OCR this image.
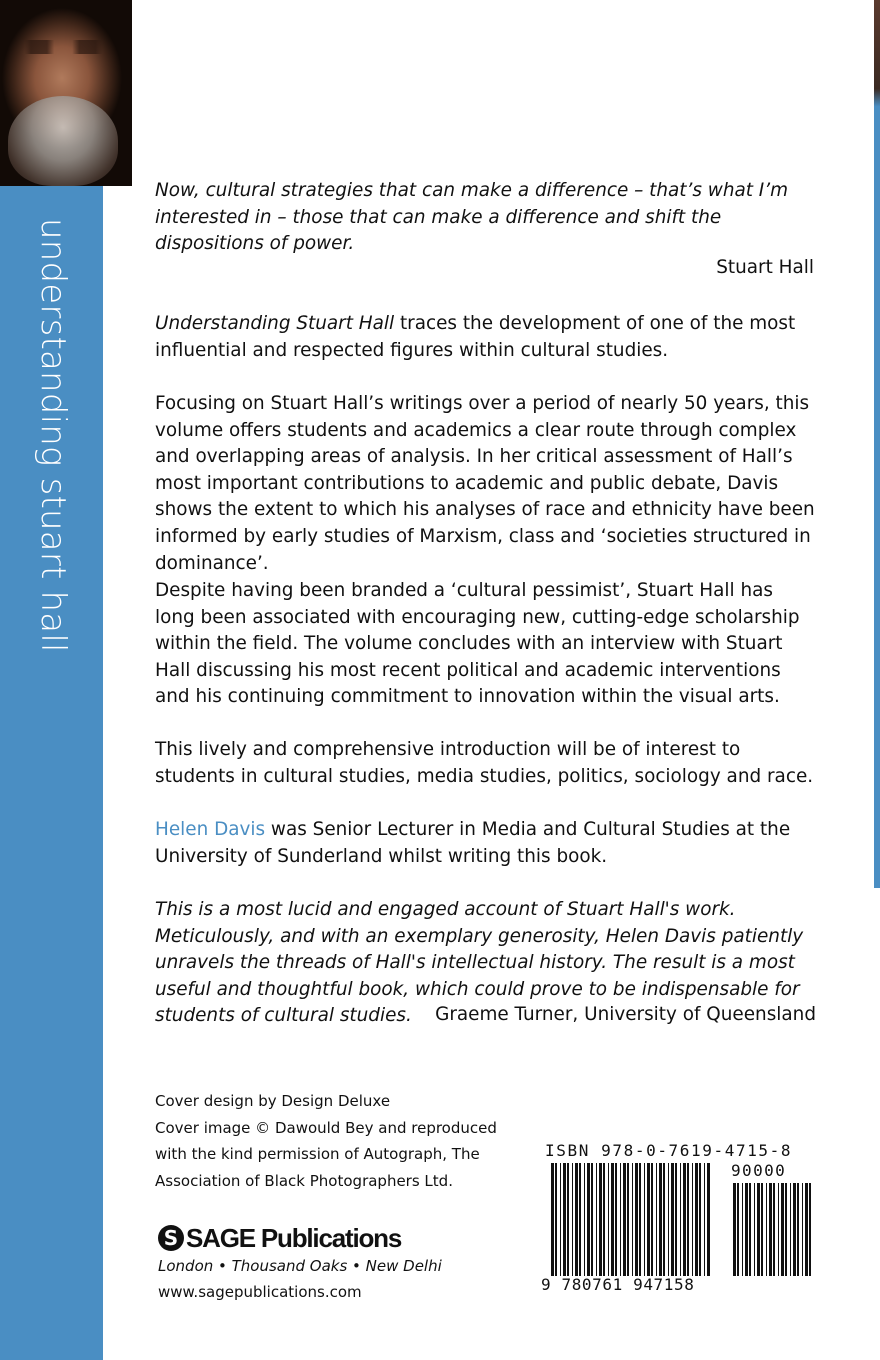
understanding stuart hall
Now, cultural strategies that can make a difference – that’s what I’m interested in – those that can make a difference and shift the dispositions of power.
Stuart Hall
Understanding Stuart Hall traces the development of one of the most influential and respected figures within cultural studies.
Focusing on Stuart Hall’s writings over a period of nearly 50 years, this volume offers students and academics a clear route through complex and overlapping areas of analysis. In her critical assessment of Hall’s most important contributions to academic and public debate, Davis shows the extent to which his analyses of race and ethnicity have been informed by early studies of Marxism, class and ‘societies structured in dominance’.
Despite having been branded a ‘cultural pessimist’, Stuart Hall has long been associated with encouraging new, cutting-edge scholarship within the field. The volume concludes with an interview with Stuart Hall discussing his most recent political and academic interventions and his continuing commitment to innovation within the visual arts.
This lively and comprehensive introduction will be of interest to students in cultural studies, media studies, politics, sociology and race.
Helen Davis was Senior Lecturer in Media and Cultural Studies at the University of Sunderland whilst writing this book.
This is a most lucid and engaged account of Stuart Hall's work. Meticulously, and with an exemplary generosity, Helen Davis patiently unravels the threads of Hall's intellectual history. The result is a most useful and thoughtful book, which could prove to be indispensable for students of cultural studies.	Graeme Turner, University of Queensland
Cover design by Design Deluxe
Cover image © Dawould Bey and reproduced with the kind permission of Autograph, The Association of Black Photographers Ltd.
S SAGE Publications
London • Thousand Oaks • New Delhi
www.sagepublications.com
ISBN 978-0-7619-4715-8
90000
9 780761 947158
